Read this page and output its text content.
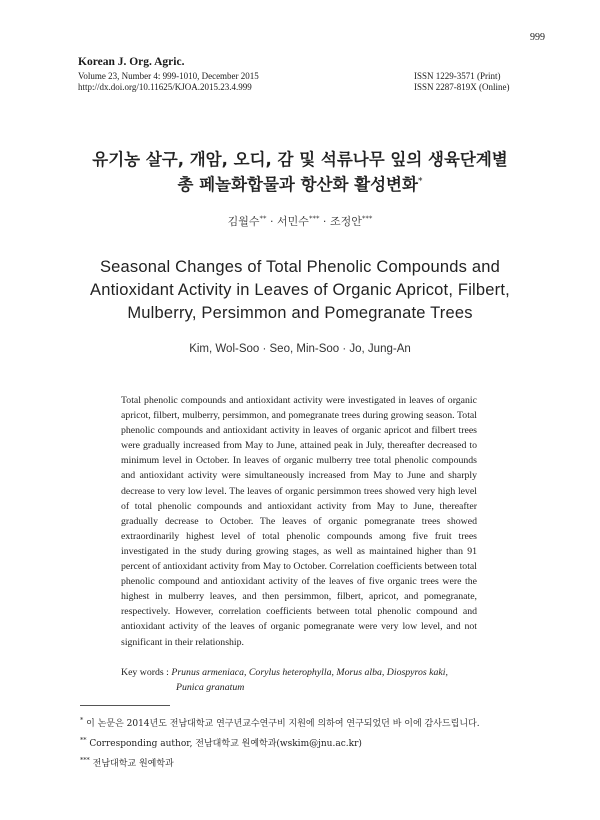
999
Korean J. Org. Agric.
Volume 23, Number 4: 999-1010, December 2015
http://dx.doi.org/10.11625/KJOA.2015.23.4.999
ISSN 1229-3571 (Print)
ISSN 2287-819X (Online)
유기농 살구, 개암, 오디, 감 및 석류나무 잎의 생육단계별
총 페놀화합물과 항산화 활성변화*
김월수** · 서민수*** · 조정안***
Seasonal Changes of Total Phenolic Compounds and
Antioxidant Activity in Leaves of Organic Apricot, Filbert,
Mulberry, Persimmon and Pomegranate Trees
Kim, Wol-Soo · Seo, Min-Soo · Jo, Jung-An
Total phenolic compounds and antioxidant activity were investigated in leaves of organic apricot, filbert, mulberry, persimmon, and pomegranate trees during growing season. Total phenolic compounds and antioxidant activity in leaves of organic apricot and filbert trees were gradually increased from May to June, attained peak in July, thereafter decreased to minimum level in October. In leaves of organic mulberry tree total phenolic compounds and antioxidant activity were simultaneously increased from May to June and sharply decrease to very low level. The leaves of organic persimmon trees showed very high level of total phenolic compounds and antioxidant activity from May to June, thereafter gradually decrease to October. The leaves of organic pomegranate trees showed extraordinarily highest level of total phenolic compounds among five fruit trees investigated in the study during growing stages, as well as maintained higher than 91 percent of antioxidant activity from May to October. Correlation coefficients between total phenolic compound and antioxidant activity of the leaves of five organic trees were the highest in mulberry leaves, and then persimmon, filbert, apricot, and pomegranate, respectively. However, correlation coefficients between total phenolic compound and antioxidant activity of the leaves of organic pomegranate were very low level, and not significant in their relationship.
Key words : Prunus armeniaca, Corylus heterophylla, Morus alba, Diospyros kaki,
Punica granatum
* 이 논문은 2014년도 전남대학교 연구년교수연구비 지원에 의하여 연구되었던 바 이에 감사드립니다.
** Corresponding author, 전남대학교 원예학과(wskim@jnu.ac.kr)
*** 전남대학교 원예학과
